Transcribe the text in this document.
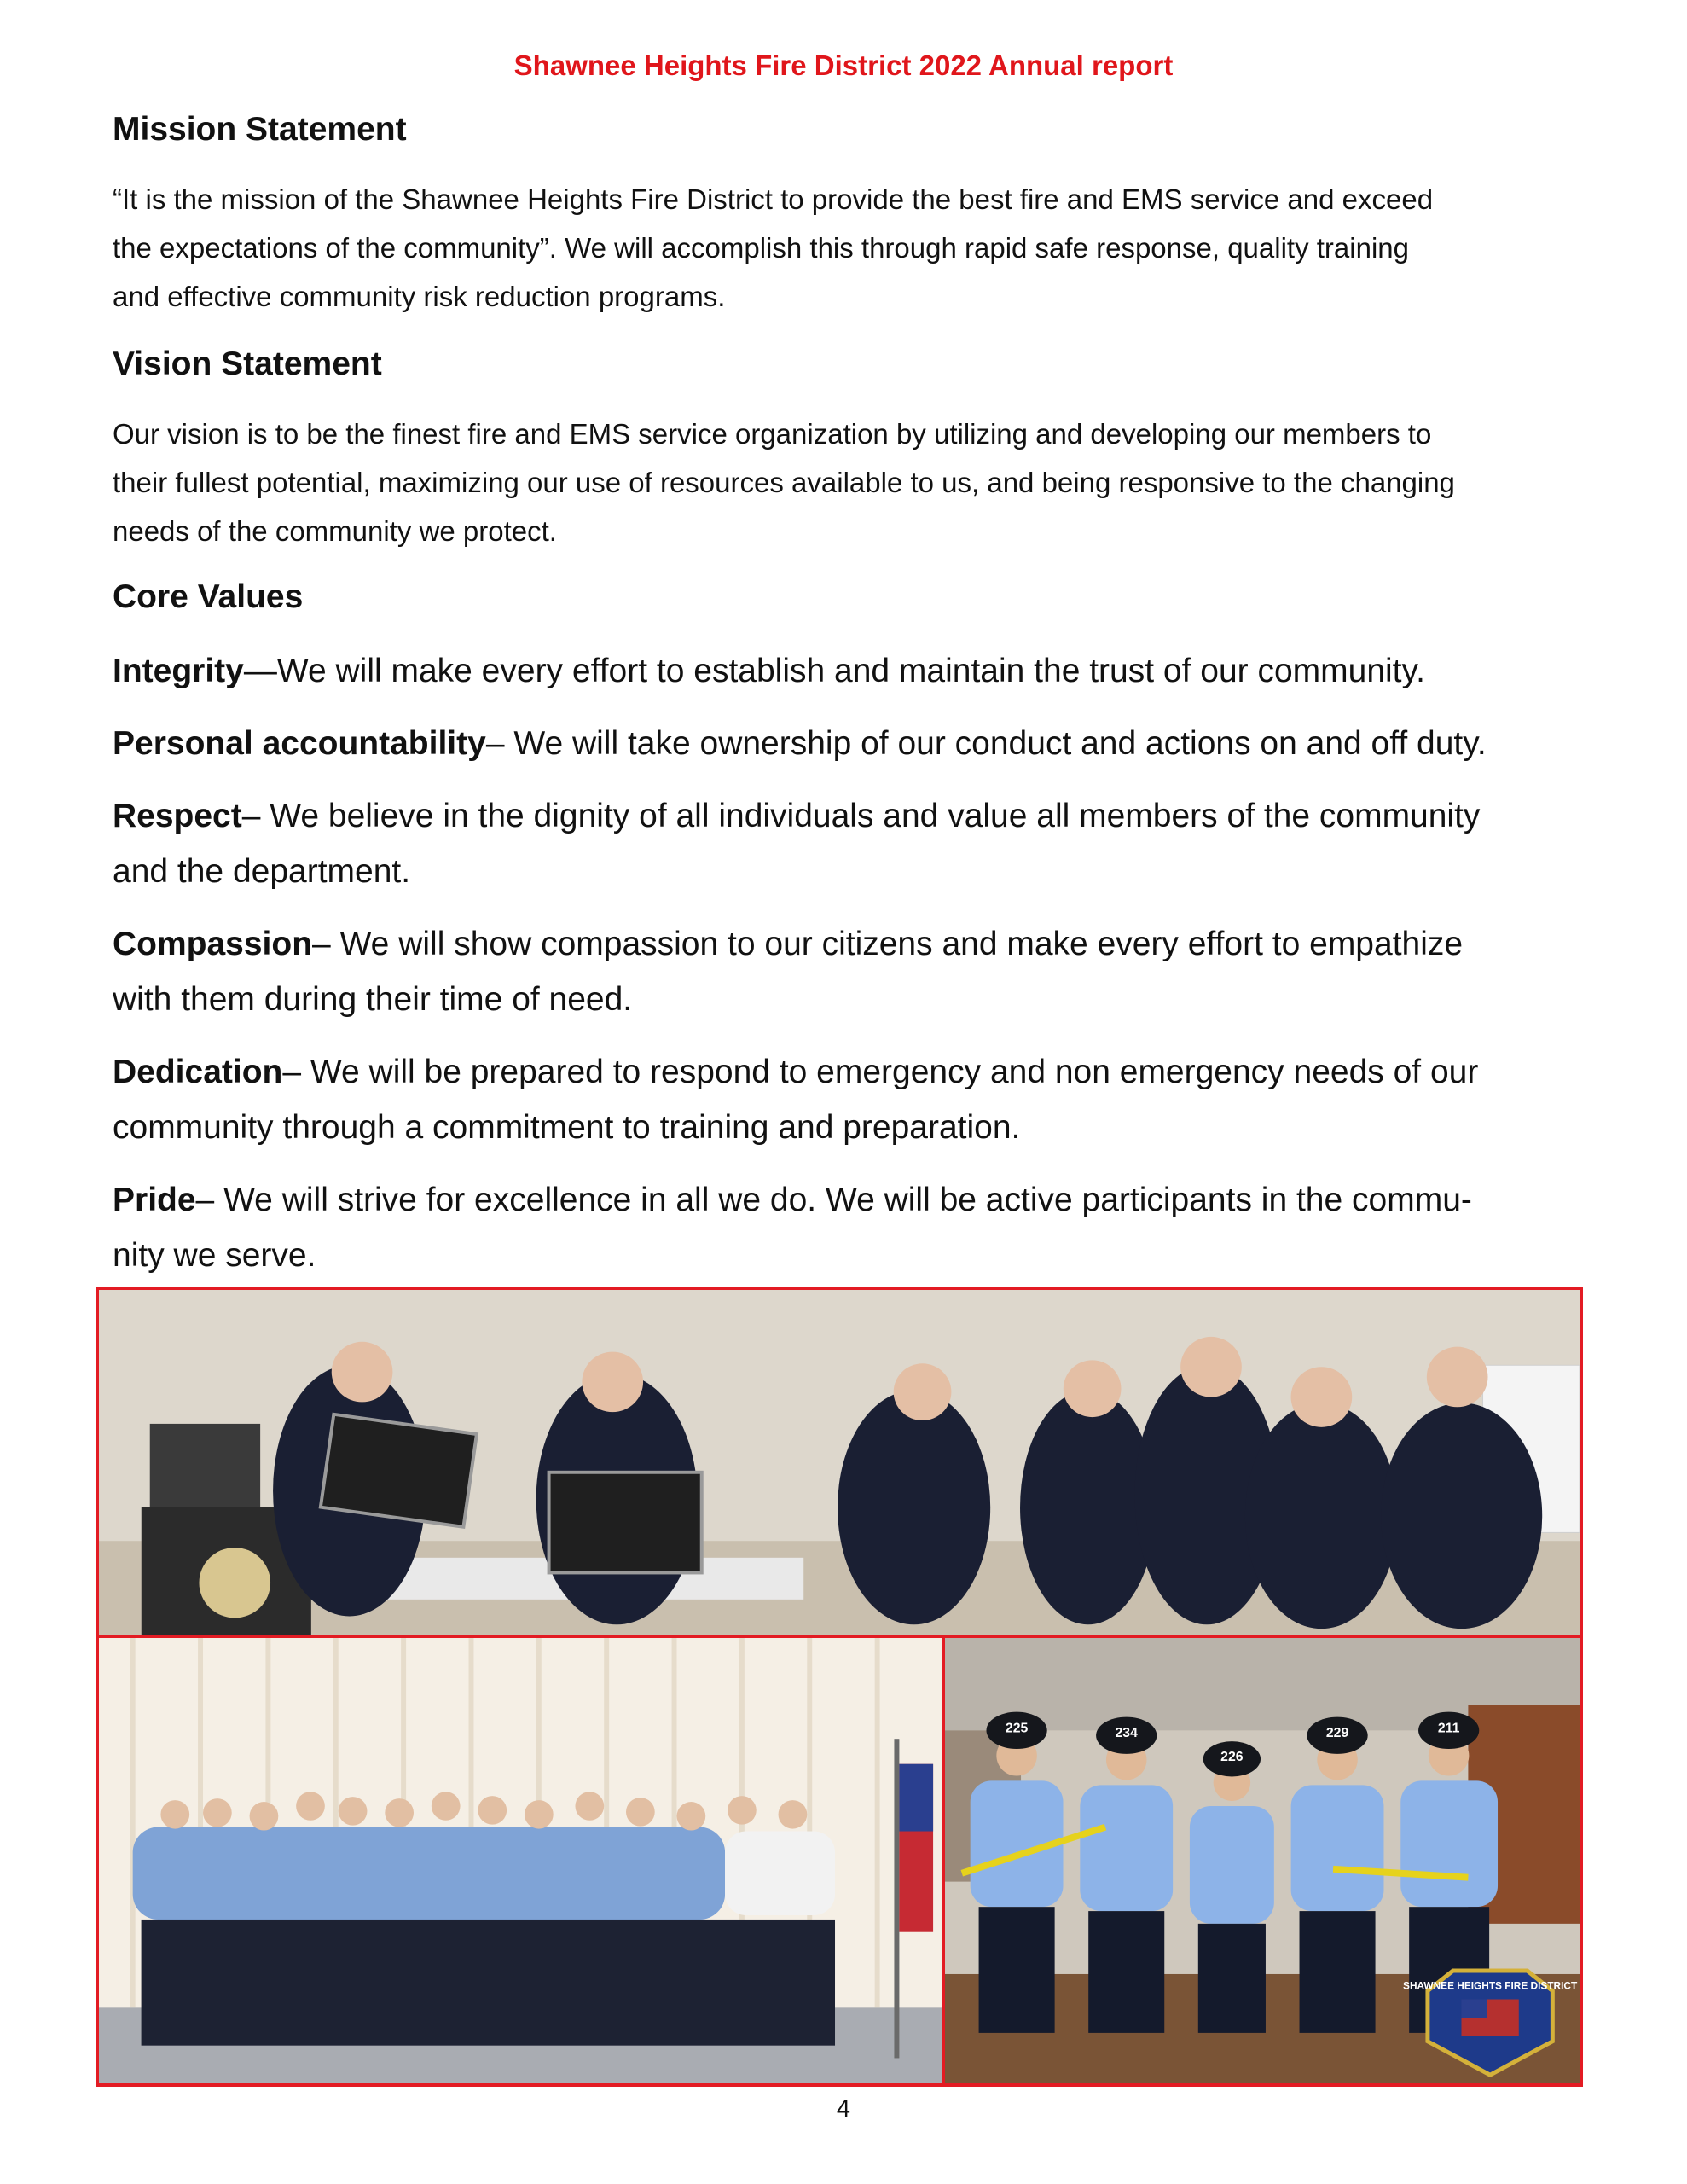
Shawnee Heights Fire District 2022 Annual report

Mission Statement

“It is the mission of the Shawnee Heights Fire District to provide the best fire and EMS service and exceed

the expectations of the community”. We will accomplish this through rapid safe response, quality training

and effective community risk reduction programs.

Vision Statement

Our vision is to be the finest fire and EMS service organization by utilizing and developing our members to

their fullest potential, maximizing our use of resources available to us, and being responsive to the changing

needs of the community we protect.

Core Values

Integrity—We will make every effort to establish and maintain the trust of our community.

Personal accountability– We will take ownership of our conduct and actions on and off duty.

Respect– We believe in the dignity of all individuals and value all members of the community

and the department.

Compassion– We will show compassion to our citizens and make every effort to empathize

with them during their time of need.

Dedication– We will be prepared to respond to emergency and non emergency needs of our

community through a commitment to training and preparation.

Pride– We will strive for excellence in all we do. We will be active participants in the commu-

nity we serve.

225	234
226
229	211
SHAWNEE HEIGHTS FIRE DISTRICT
4
